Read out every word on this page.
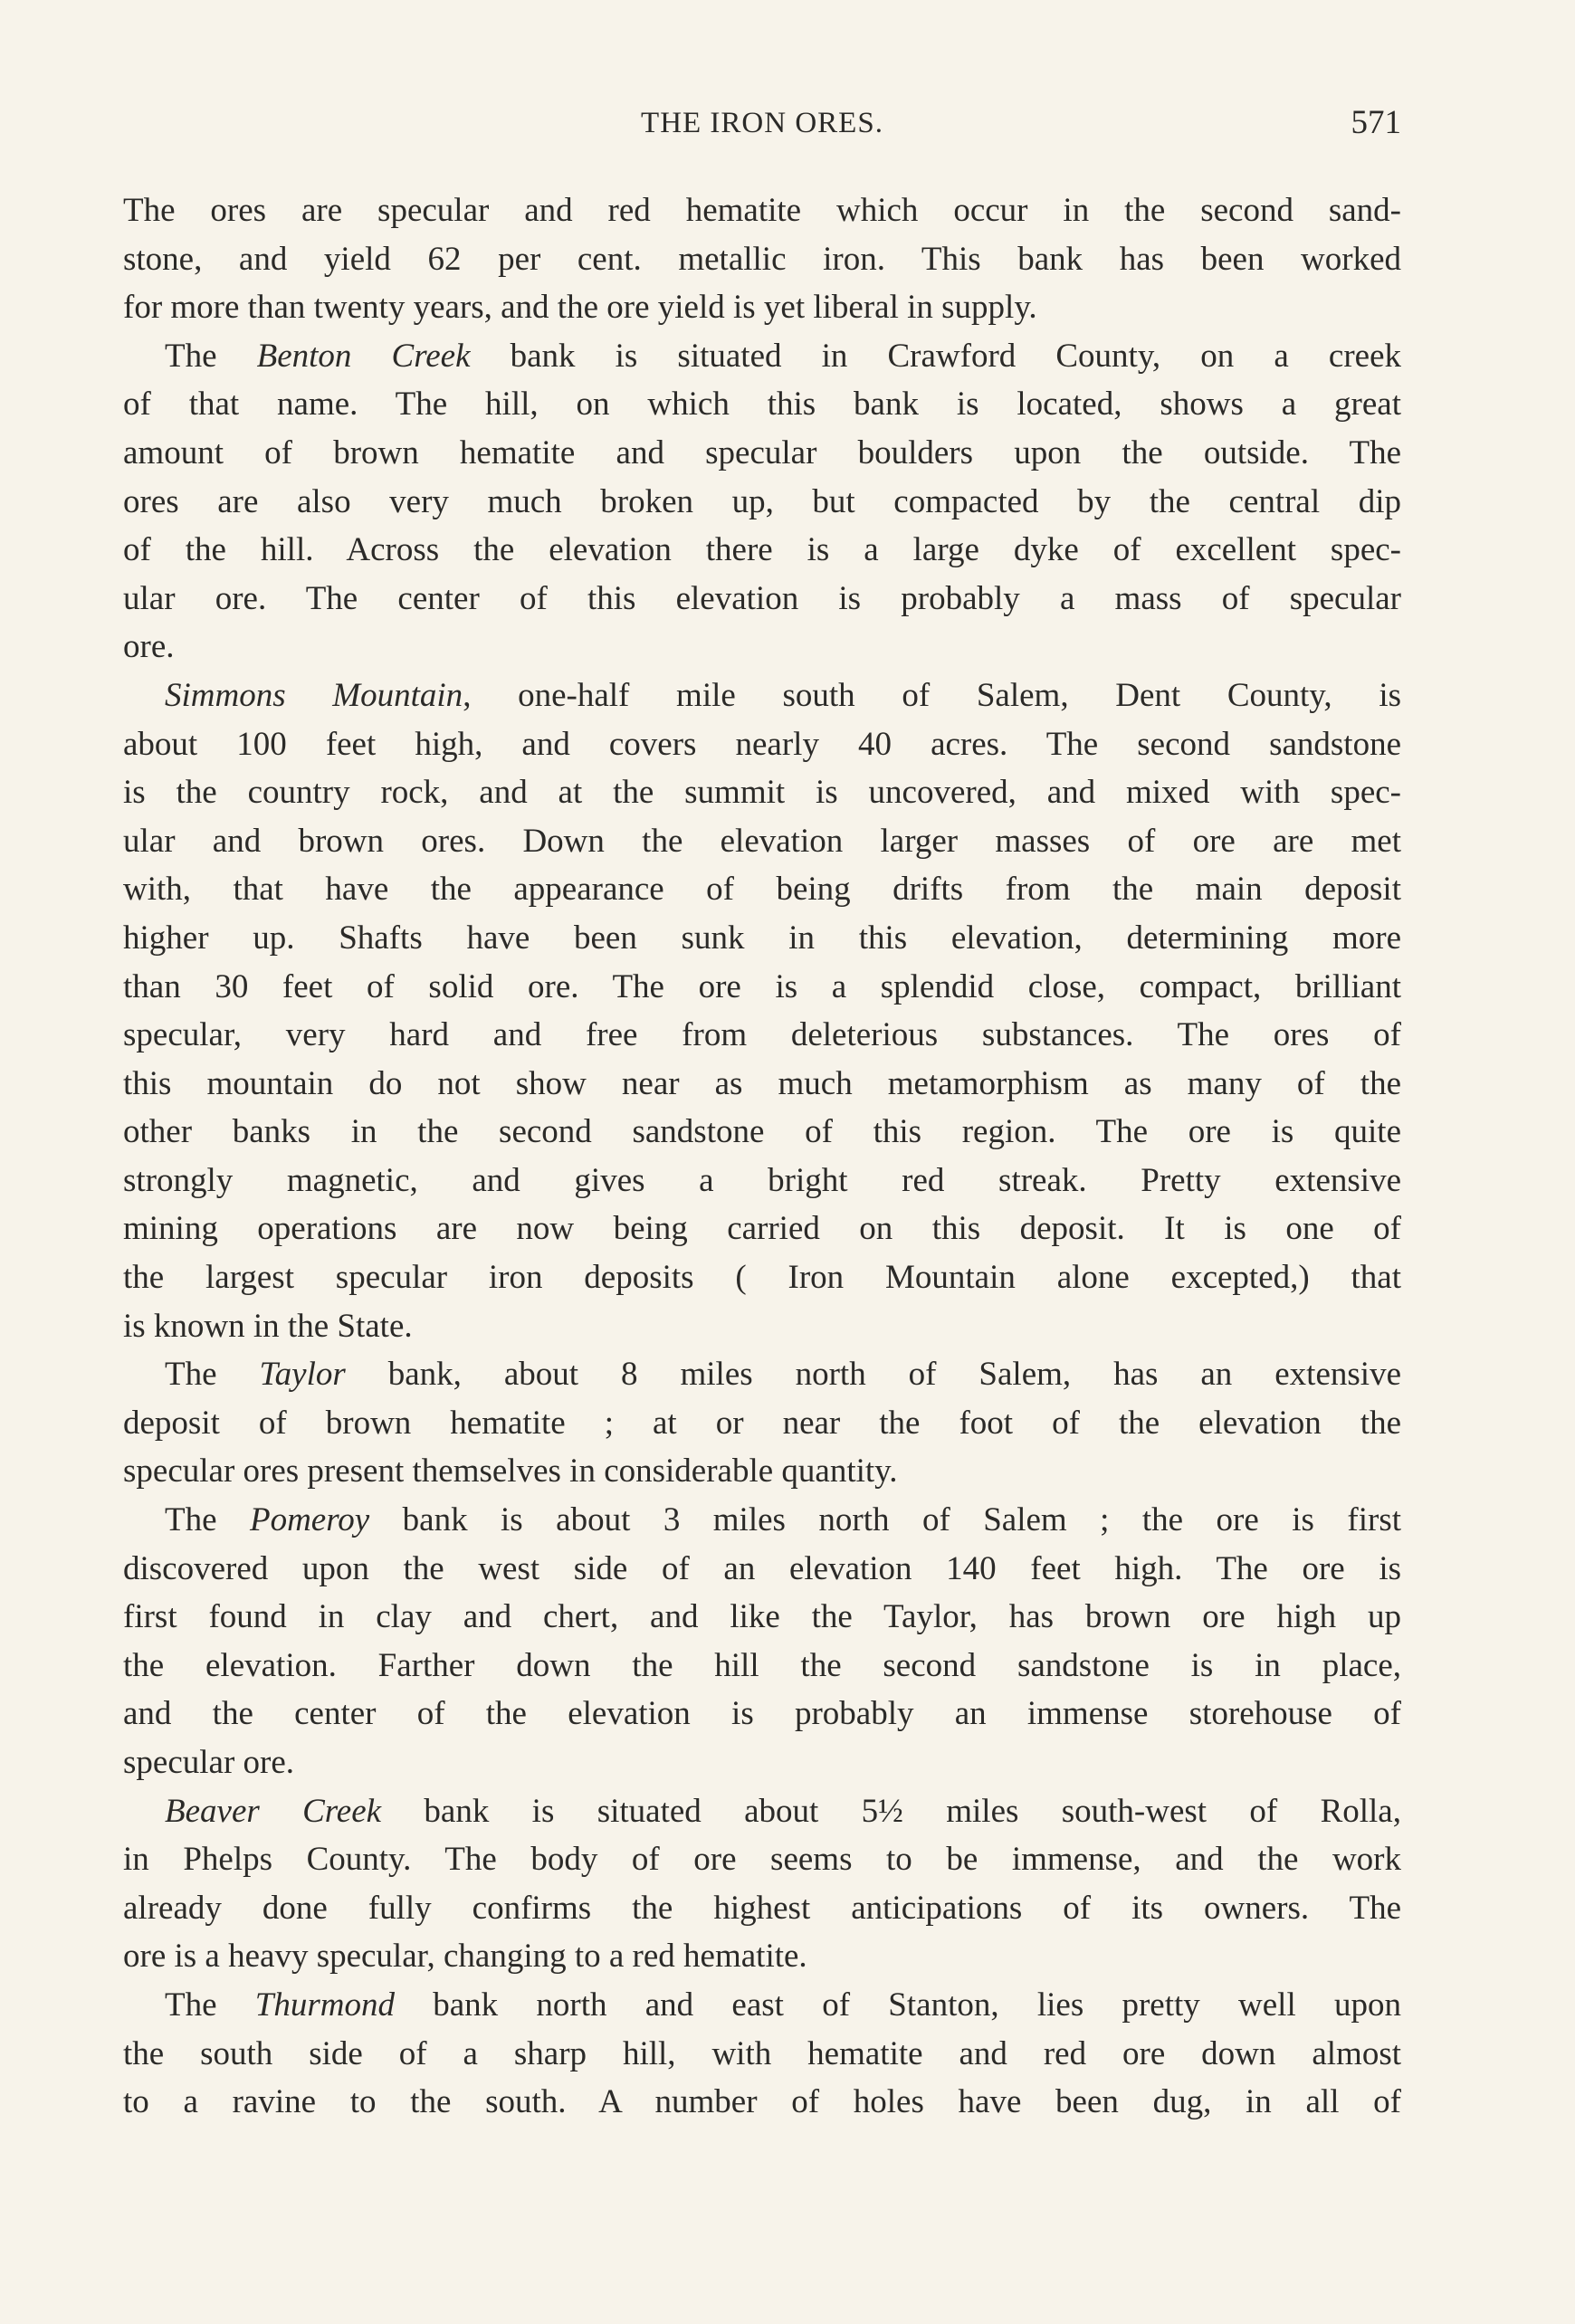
THE IRON ORES.	571
The ores are specular and red hematite which occur in the second sand-
stone, and yield 62 per cent. metallic iron. This bank has been worked
for more than twenty years, and the ore yield is yet liberal in supply.
The Benton Creek bank is situated in Crawford County, on a creek
of that name. The hill, on which this bank is located, shows a great
amount of brown hematite and specular boulders upon the outside. The
ores are also very much broken up, but compacted by the central dip
of the hill. Across the elevation there is a large dyke of excellent spec-
ular ore. The center of this elevation is probably a mass of specular
ore.
Simmons Mountain, one-half mile south of Salem, Dent County, is
about 100 feet high, and covers nearly 40 acres. The second sandstone
is the country rock, and at the summit is uncovered, and mixed with spec-
ular and brown ores. Down the elevation larger masses of ore are met
with, that have the appearance of being drifts from the main deposit
higher up. Shafts have been sunk in this elevation, determining more
than 30 feet of solid ore. The ore is a splendid close, compact, brilliant
specular, very hard and free from deleterious substances. The ores of
this mountain do not show near as much metamorphism as many of the
other banks in the second sandstone of this region. The ore is quite
strongly magnetic, and gives a bright red streak. Pretty extensive
mining operations are now being carried on this deposit. It is one of
the largest specular iron deposits ( Iron Mountain alone excepted,) that
is known in the State.
The Taylor bank, about 8 miles north of Salem, has an extensive
deposit of brown hematite ; at or near the foot of the elevation the
specular ores present themselves in considerable quantity.
The Pomeroy bank is about 3 miles north of Salem ; the ore is first
discovered upon the west side of an elevation 140 feet high. The ore is
first found in clay and chert, and like the Taylor, has brown ore high up
the elevation. Farther down the hill the second sandstone is in place,
and the center of the elevation is probably an immense storehouse of
specular ore.
Beaver Creek bank is situated about 5½ miles south-west of Rolla,
in Phelps County. The body of ore seems to be immense, and the work
already done fully confirms the highest anticipations of its owners. The
ore is a heavy specular, changing to a red hematite.
The Thurmond bank north and east of Stanton, lies pretty well upon
the south side of a sharp hill, with hematite and red ore down almost
to a ravine to the south. A number of holes have been dug, in all of
